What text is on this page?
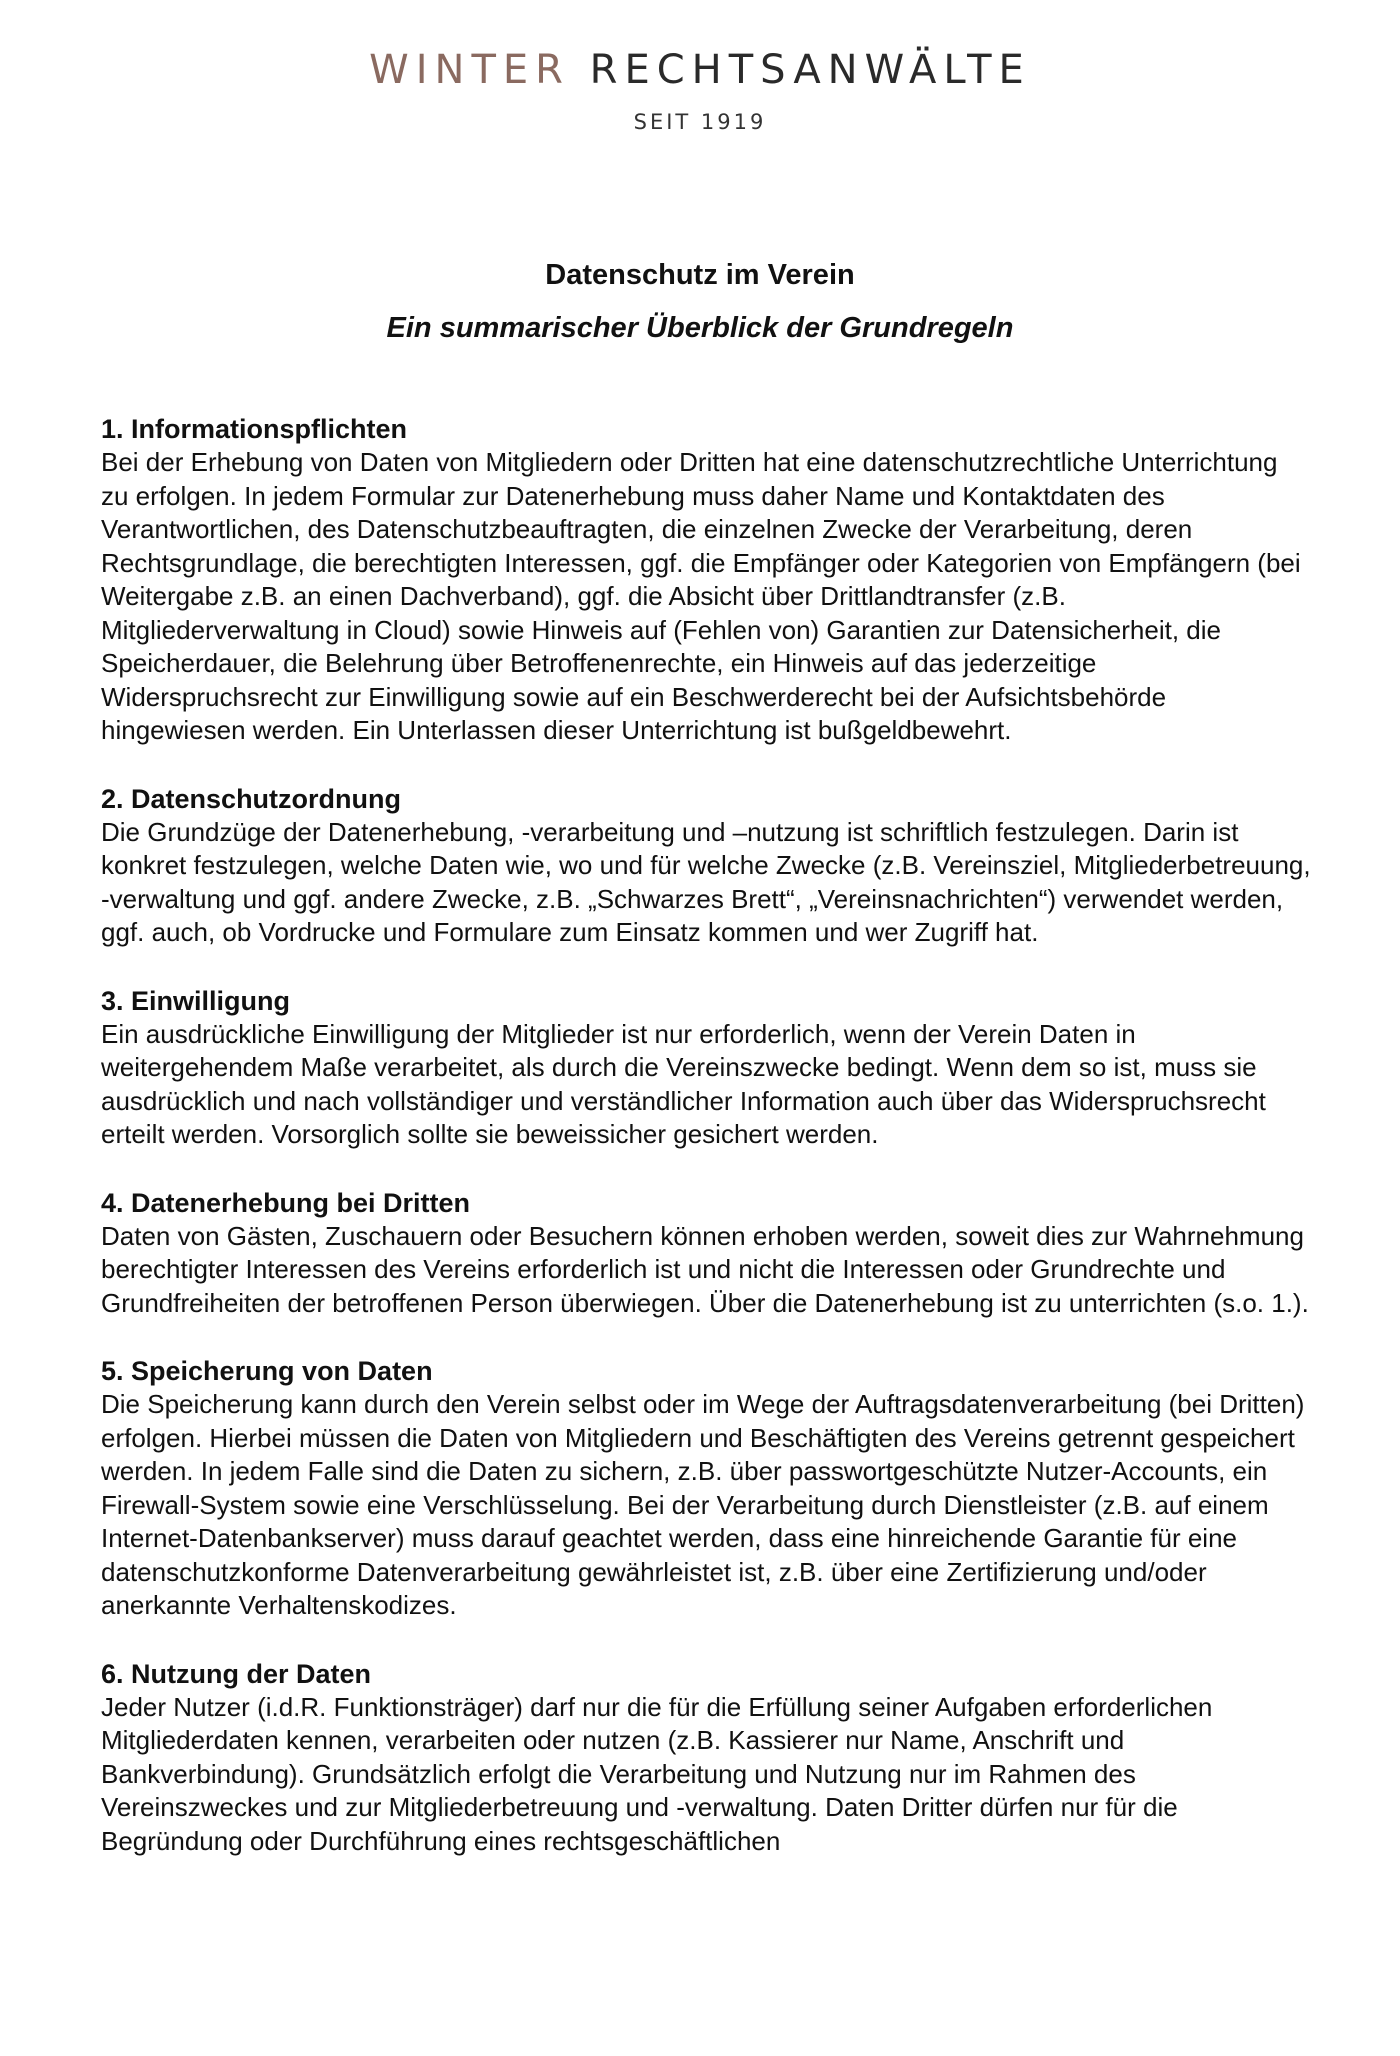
WINTER RECHTSANWÄLTE
SEIT 1919
Datenschutz im Verein
Ein summarischer Überblick der Grundregeln
1. Informationspflichten

Bei der Erhebung von Daten von Mitgliedern oder Dritten hat eine datenschutzrechtliche Unterrichtung zu erfolgen. In jedem Formular zur Datenerhebung muss daher Name und Kontaktdaten des Verantwortlichen, des Datenschutzbeauftragten, die einzelnen Zwecke der Verarbeitung, deren Rechtsgrundlage, die berechtigten Interessen, ggf. die Empfänger oder Kategorien von Empfängern (bei Weitergabe z.B. an einen Dachverband), ggf. die Absicht über Drittlandtransfer (z.B. Mitgliederverwaltung in Cloud) sowie Hinweis auf (Fehlen von) Garantien zur Datensicherheit, die Speicherdauer, die Belehrung über Betroffenenrechte, ein Hinweis auf das jederzeitige Widerspruchsrecht zur Einwilligung sowie auf ein Beschwerderecht bei der Aufsichtsbehörde hingewiesen werden. Ein Unterlassen dieser Unterrichtung ist bußgeldbewehrt.

2. Datenschutzordnung

Die Grundzüge der Datenerhebung, -verarbeitung und –nutzung ist schriftlich festzulegen. Darin ist konkret festzulegen, welche Daten wie, wo und für welche Zwecke (z.B. Vereinsziel, Mitgliederbetreuung, -verwaltung und ggf. andere Zwecke, z.B. „Schwarzes Brett“, „Vereinsnachrichten“) verwendet werden, ggf. auch, ob Vordrucke und Formulare zum Einsatz kommen und wer Zugriff hat.

3. Einwilligung

Ein ausdrückliche Einwilligung der Mitglieder ist nur erforderlich, wenn der Verein Daten in weitergehendem Maße verarbeitet, als durch die Vereinszwecke bedingt. Wenn dem so ist, muss sie ausdrücklich und nach vollständiger und verständlicher Information auch über das Widerspruchsrecht erteilt werden. Vorsorglich sollte sie beweissicher gesichert werden.

4. Datenerhebung bei Dritten

Daten von Gästen, Zuschauern oder Besuchern können erhoben werden, soweit dies zur Wahrnehmung berechtigter Interessen des Vereins erforderlich ist und nicht die Interessen oder Grundrechte und Grundfreiheiten der betroffenen Person überwiegen. Über die Datenerhebung ist zu unterrichten (s.o. 1.).

5. Speicherung von Daten

Die Speicherung kann durch den Verein selbst oder im Wege der Auftragsdatenverarbeitung (bei Dritten) erfolgen. Hierbei müssen die Daten von Mitgliedern und Beschäftigten des Vereins getrennt gespeichert werden. In jedem Falle sind die Daten zu sichern, z.B. über passwortgeschützte Nutzer-Accounts, ein Firewall-System sowie eine Verschlüsselung. Bei der Verarbeitung durch Dienstleister (z.B. auf einem Internet-Datenbankserver) muss darauf geachtet werden, dass eine hinreichende Garantie für eine datenschutzkonforme Datenverarbeitung gewährleistet ist, z.B. über eine Zertifizierung und/oder anerkannte Verhaltenskodizes.

6. Nutzung der Daten

Jeder Nutzer (i.d.R. Funktionsträger) darf nur die für die Erfüllung seiner Aufgaben erforderlichen Mitgliederdaten kennen, verarbeiten oder nutzen (z.B. Kassierer nur Name, Anschrift und Bankverbindung). Grundsätzlich erfolgt die Verarbeitung und Nutzung nur im Rahmen des Vereinszweckes und zur Mitgliederbetreuung und -verwaltung. Daten Dritter dürfen nur für die Begründung oder Durchführung eines rechtsgeschäftlichen
